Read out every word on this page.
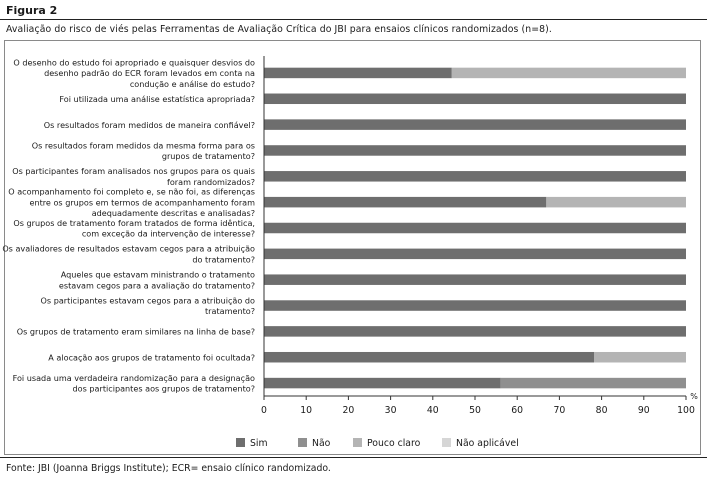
Figura 2
Avaliação do risco de viés pelas Ferramentas de Avaliação Crítica do JBI para ensaios clínicos randomizados (n=8).
O desenho do estudo foi apropriado e quaisquer desvios do
desenho padrão do ECR foram levados em conta na
condução e análise do estudo?
Foi utilizada uma análise estatística apropriada?
Os resultados foram medidos de maneira confiável?
Os resultados foram medidos da mesma forma para os
grupos de tratamento?
Os participantes foram analisados nos grupos para os quais
foram randomizados?
O acompanhamento foi completo e, se não foi, as diferenças
entre os grupos em termos de acompanhamento foram
adequadamente descritas e analisadas?
Os grupos de tratamento foram tratados de forma idêntica,
com exceção da intervenção de interesse?
Os avaliadores de resultados estavam cegos para a atribuição
do tratamento?
Aqueles que estavam ministrando o tratamento
estavam cegos para a avaliação do tratamento?
Os participantes estavam cegos para a atribuição do
tratamento?
Os grupos de tratamento eram similares na linha de base?
A alocação aos grupos de tratamento foi ocultada?
Foi usada uma verdadeira randomização para a designação
dos participantes aos grupos de tratamento?
0	10	20	30	40	50	60	70	80	90	100
%
Sim	Não	Pouco claro	Não aplicável
Fonte: JBI (Joanna Briggs Institute); ECR= ensaio clínico randomizado.
